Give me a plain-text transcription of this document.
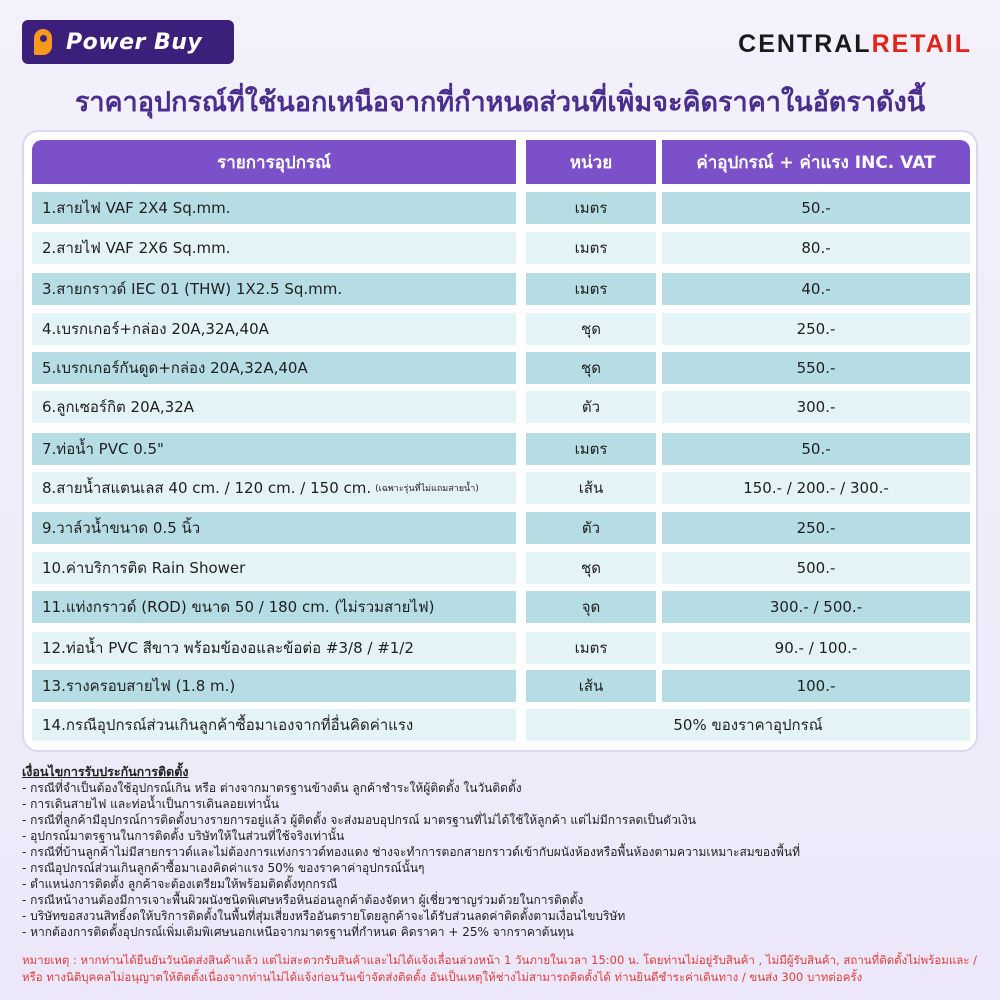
Power Buy	CENTRALRETAIL
ราคาอุปกรณ์ที่ใช้นอกเหนือจากที่กำหนดส่วนที่เพิ่มจะคิดราคาในอัตราดังนี้
รายการอุปกรณ์	หน่วย	ค่าอุปกรณ์ + ค่าแรง INC. VAT
1.สายไฟ VAF 2X4 Sq.mm.	เมตร	50.-
2.สายไฟ VAF 2X6 Sq.mm.	เมตร	80.-
3.สายกราวด์ IEC 01 (THW) 1X2.5 Sq.mm.	เมตร	40.-
4.เบรกเกอร์+กล่อง 20A,32A,40A	ชุด	250.-
5.เบรกเกอร์กันดูด+กล่อง 20A,32A,40A	ชุด	550.-
6.ลูกเซอร์กิต 20A,32A	ตัว	300.-
7.ท่อน้ำ PVC 0.5"	เมตร	50.-
8.สายน้ำสแตนเลส 40 cm. / 120 cm. / 150 cm. (เฉพาะรุ่นที่ไม่แถมสายน้ำ)	เส้น	150.- / 200.- / 300.-
9.วาล์วน้ำขนาด 0.5 นิ้ว	ตัว	250.-
10.ค่าบริการติด Rain Shower	ชุด	500.-
11.แท่งกราวด์ (ROD) ขนาด 50 / 180 cm. (ไม่รวมสายไฟ)	จุด	300.- / 500.-
12.ท่อน้ำ PVC สีขาว พร้อมข้องอและข้อต่อ #3/8 / #1/2	เมตร	90.- / 100.-
13.รางครอบสายไฟ (1.8 m.)	เส้น	100.-
14.กรณีอุปกรณ์ส่วนเกินลูกค้าซื้อมาเองจากที่อื่นคิดค่าแรง	50% ของราคาอุปกรณ์
เงื่อนไขการรับประกันการติดตั้ง
- กรณีที่จำเป็นต้องใช้อุปกรณ์เกิน หรือ ต่างจากมาตรฐานข้างต้น ลูกค้าชำระให้ผู้ติดตั้ง ในวันติดตั้ง
- การเดินสายไฟ และท่อน้ำเป็นการเดินลอยเท่านั้น
- กรณีที่ลูกค้ามีอุปกรณ์การติดตั้งบางรายการอยู่แล้ว ผู้ติดตั้ง จะส่งมอบอุปกรณ์ มาตรฐานที่ไม่ได้ใช้ให้ลูกค้า แต่ไม่มีการลดเป็นตัวเงิน
- อุปกรณ์มาตรฐานในการติดตั้ง บริษัทให้ในส่วนที่ใช้จริงเท่านั้น
- กรณีที่บ้านลูกค้าไม่มีสายกราวด์และไม่ต้องการแท่งกราวด์ทองแดง ช่างจะทำการตอกสายกราวด์เข้ากับผนังห้องหรือพื้นห้องตามความเหมาะสมของพื้นที่
- กรณีอุปกรณ์ส่วนเกินลูกค้าซื้อมาเองคิดค่าแรง 50% ของราคาค่าอุปกรณ์นั้นๆ
- ตำแหน่งการติดตั้ง ลูกค้าจะต้องเตรียมให้พร้อมติดตั้งทุกกรณี
- กรณีหน้างานต้องมีการเจาะพื้นผิวผนังชนิดพิเศษหรือหินอ่อนลูกค้าต้องจัดหา ผู้เชี่ยวชาญร่วมด้วยในการติดตั้ง
- บริษัทขอสงวนสิทธิ์งดให้บริการติดตั้งในพื้นที่สุ่มเสี่ยงหรืออันตรายโดยลูกค้าจะได้รับส่วนลดค่าติดตั้งตามเงื่อนไขบริษัท
- หากต้องการติดตั้งอุปกรณ์เพิ่มเติมพิเศษนอกเหนือจากมาตรฐานที่กำหนด คิดราคา + 25% จากราคาต้นทุน
หมายเหตุ : หากท่านได้ยืนยันวันนัดส่งสินค้าแล้ว แต่ไม่สะดวกรับสินค้าและไม่ได้แจ้งเลื่อนล่วงหน้า 1 วันภายในเวลา 15:00 น. โดยท่านไม่อยู่รับสินค้า , ไม่มีผู้รับสินค้า, สถานที่ติดตั้งไม่พร้อมและ /
หรือ ทางนิติบุคคลไม่อนุญาตให้ติดตั้งเนื่องจากท่านไม่ได้แจ้งก่อนวันเข้าจัดส่งติดตั้ง อันเป็นเหตุให้ช่างไม่สามารถติดตั้งได้ ท่านยินดีชำระค่าเดินทาง / ขนส่ง 300 บาทต่อครั้ง
